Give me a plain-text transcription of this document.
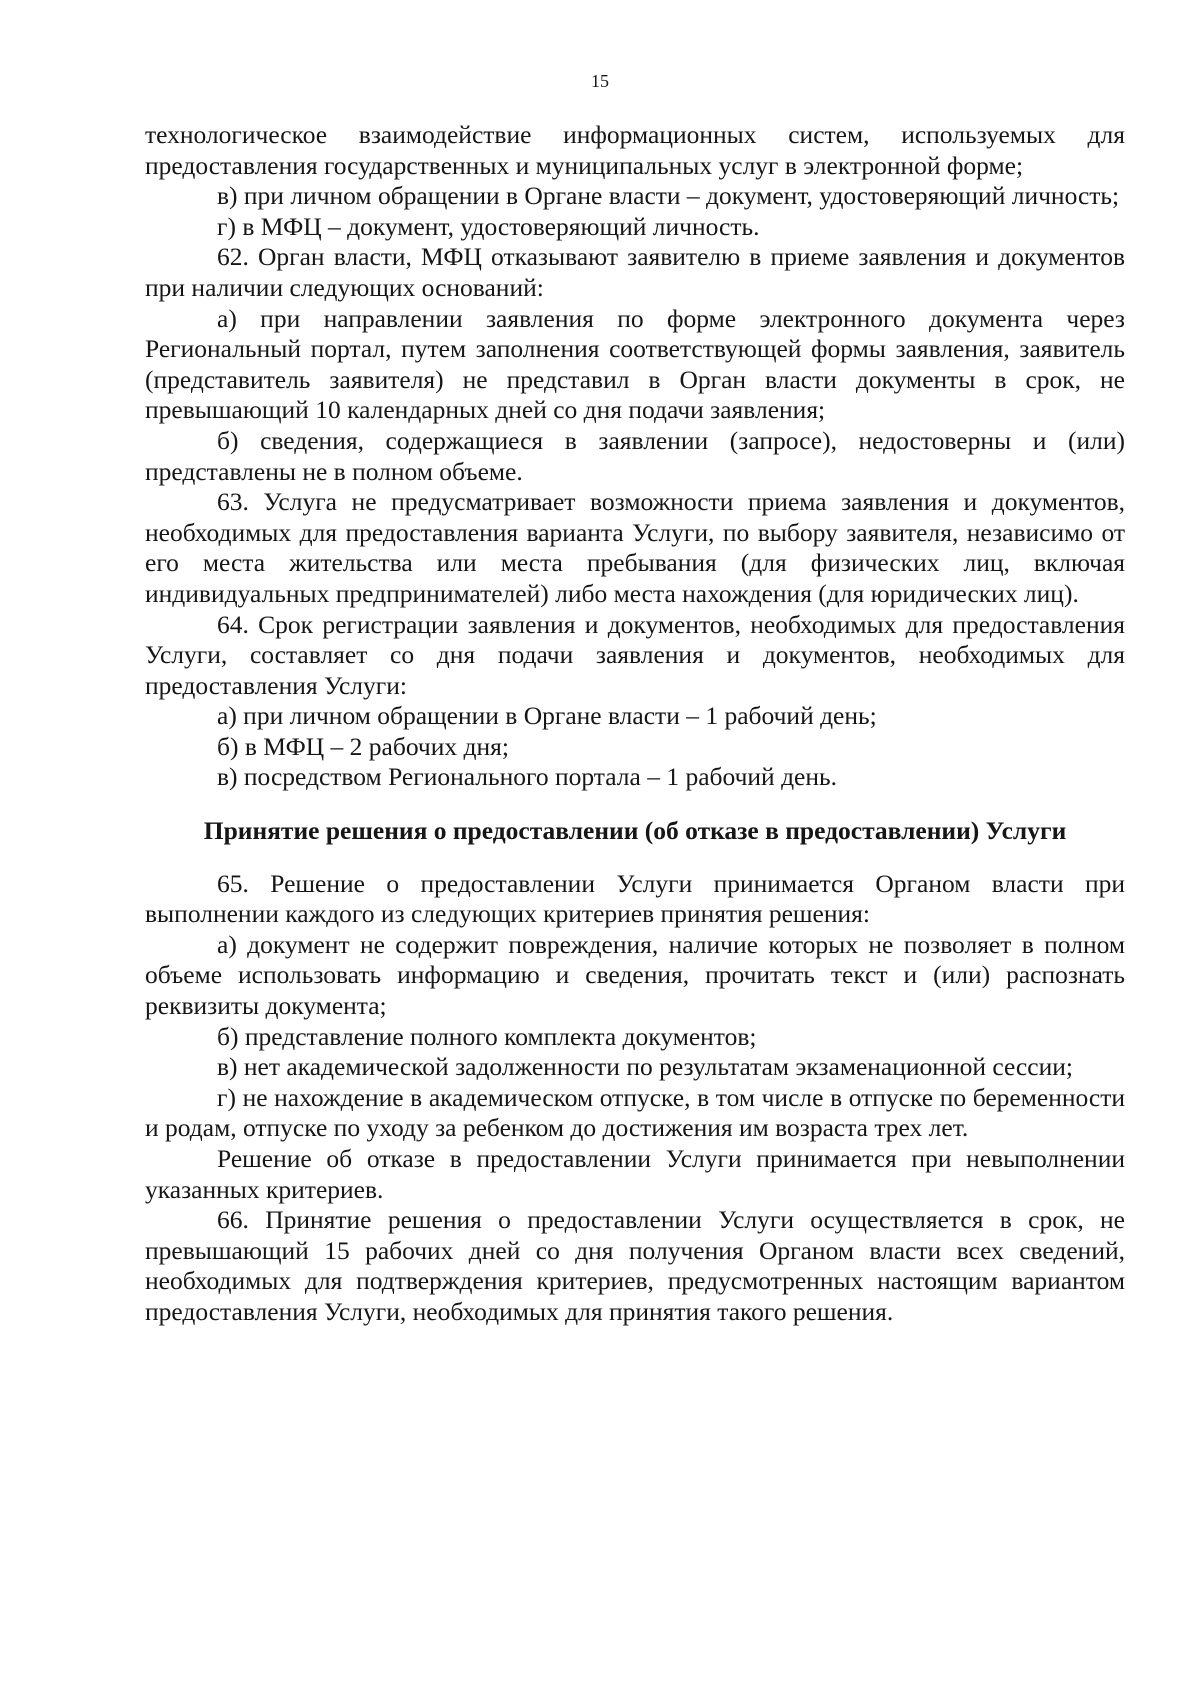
15

технологическое взаимодействие информационных систем, используемых для предоставления государственных и муниципальных услуг в электронной форме;

в) при личном обращении в Органе власти – документ, удостоверяющий личность;

г) в МФЦ – документ, удостоверяющий личность.

62. Орган власти, МФЦ отказывают заявителю в приеме заявления и документов при наличии следующих оснований:

а) при направлении заявления по форме электронного документа через Региональный портал, путем заполнения соответствующей формы заявления, заявитель (представитель заявителя) не представил в Орган власти документы в срок, не превышающий 10 календарных дней со дня подачи заявления;

б) сведения, содержащиеся в заявлении (запросе), недостоверны и (или) представлены не в полном объеме.

63. Услуга не предусматривает возможности приема заявления и документов, необходимых для предоставления варианта Услуги, по выбору заявителя, независимо от его места жительства или места пребывания (для физических лиц, включая индивидуальных предпринимателей) либо места нахождения (для юридических лиц).

64. Срок регистрации заявления и документов, необходимых для предоставления Услуги, составляет со дня подачи заявления и документов, необходимых для предоставления Услуги:

а) при личном обращении в Органе власти – 1 рабочий день;

б) в МФЦ – 2 рабочих дня;

в) посредством Регионального портала – 1 рабочий день.

Принятие решения о предоставлении (об отказе в предоставлении) Услуги

65. Решение о предоставлении Услуги принимается Органом власти при выполнении каждого из следующих критериев принятия решения:

а) документ не содержит повреждения, наличие которых не позволяет в полном объеме использовать информацию и сведения, прочитать текст и (или) распознать реквизиты документа;

б) представление полного комплекта документов;

в) нет академической задолженности по результатам экзаменационной сессии;

г) не нахождение в академическом отпуске, в том числе в отпуске по беременности и родам, отпуске по уходу за ребенком до достижения им возраста трех лет.

Решение об отказе в предоставлении Услуги принимается при невыполнении указанных критериев.

66. Принятие решения о предоставлении Услуги осуществляется в срок, не превышающий 15 рабочих дней со дня получения Органом власти всех сведений, необходимых для подтверждения критериев, предусмотренных настоящим вариантом предоставления Услуги, необходимых для принятия такого решения.
